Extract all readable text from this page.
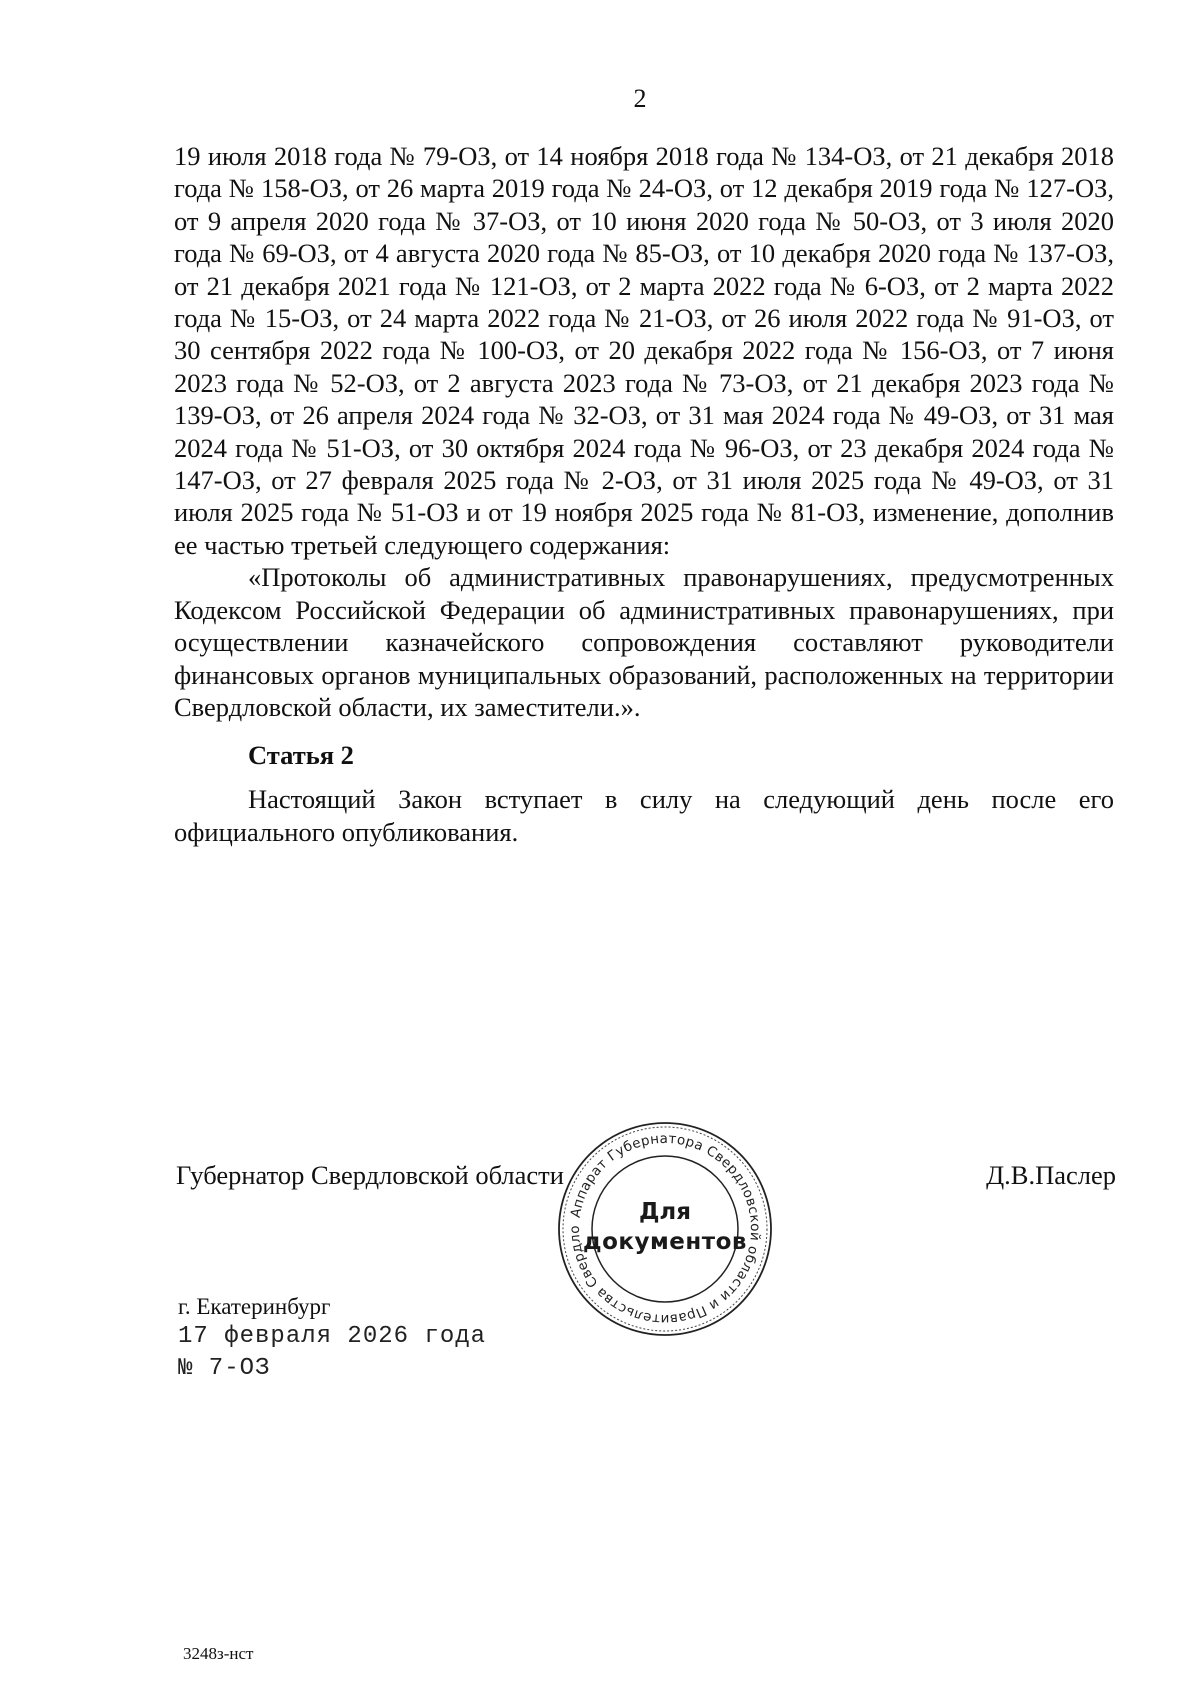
2

19 июля 2018 года № 79-ОЗ, от 14 ноября 2018 года № 134-ОЗ, от 21 декабря 2018 года № 158-ОЗ, от 26 марта 2019 года № 24-ОЗ, от 12 декабря 2019 года № 127-ОЗ, от 9 апреля 2020 года № 37-ОЗ, от 10 июня 2020 года № 50-ОЗ, от 3 июля 2020 года № 69-ОЗ, от 4 августа 2020 года № 85-ОЗ, от 10 декабря 2020 года № 137-ОЗ, от 21 декабря 2021 года № 121-ОЗ, от 2 марта 2022 года № 6-ОЗ, от 2 марта 2022 года № 15-ОЗ, от 24 марта 2022 года № 21-ОЗ, от 26 июля 2022 года № 91-ОЗ, от 30 сентября 2022 года № 100-ОЗ, от 20 декабря 2022 года № 156-ОЗ, от 7 июня 2023 года № 52-ОЗ, от 2 августа 2023 года № 73-ОЗ, от 21 декабря 2023 года № 139-ОЗ, от 26 апреля 2024 года № 32-ОЗ, от 31 мая 2024 года № 49-ОЗ, от 31 мая 2024 года № 51-ОЗ, от 30 октября 2024 года № 96-ОЗ, от 23 декабря 2024 года № 147-ОЗ, от 27 февраля 2025 года № 2-ОЗ, от 31 июля 2025 года № 49-ОЗ, от 31 июля 2025 года № 51-ОЗ и от 19 ноября 2025 года № 81-ОЗ, изменение, дополнив ее частью третьей следующего содержания:

«Протоколы об административных правонарушениях, предусмотренных Кодексом Российской Федерации об административных правонарушениях, при осуществлении казначейского сопровождения составляют руководители финансовых органов муниципальных образований, расположенных на территории Свердловской области, их заместители.».

Статья 2

Настоящий Закон вступает в силу на следующий день после его официального опубликования.

Губернатор Свердловской области	Д.В.Паслер
Аппарат Губернатора Свердловской области и Правительства Свердло
Для
документов
г. Екатеринбург
17 февраля 2026 года
№ 7-ОЗ
3248з-нст
